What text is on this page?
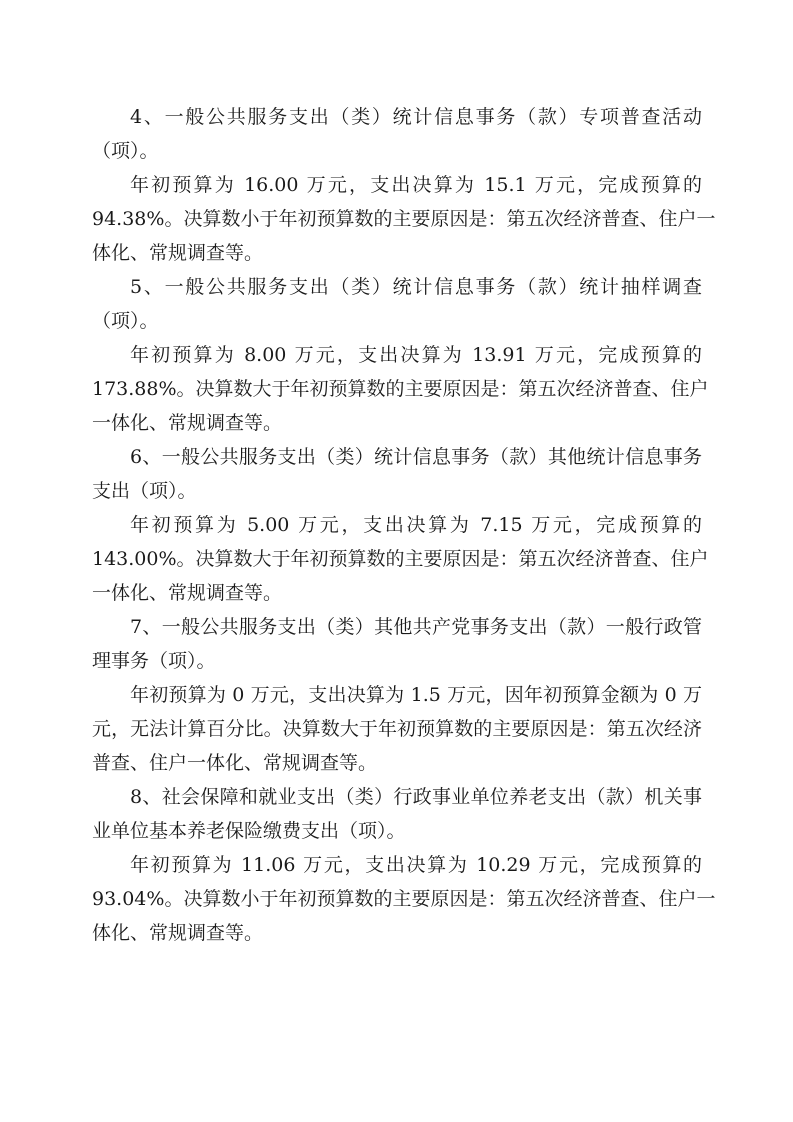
4、一般公共服务支出（类）统计信息事务（款）专项普查活动
（项）。
年初预算为 16.00 万元，支出决算为 15.1 万元，完成预算的
94.38%。决算数小于年初预算数的主要原因是：第五次经济普查、住户一
体化、常规调查等。
5、一般公共服务支出（类）统计信息事务（款）统计抽样调查
（项）。
年初预算为 8.00 万元，支出决算为 13.91 万元，完成预算的
173.88%。决算数大于年初预算数的主要原因是：第五次经济普查、住户
一体化、常规调查等。
6、一般公共服务支出（类）统计信息事务（款）其他统计信息事务
支出（项）。
年初预算为 5.00 万元，支出决算为 7.15 万元，完成预算的
143.00%。决算数大于年初预算数的主要原因是：第五次经济普查、住户
一体化、常规调查等。
7、一般公共服务支出（类）其他共产党事务支出（款）一般行政管
理事务（项）。
年初预算为 0 万元，支出决算为 1.5 万元，因年初预算金额为 0 万
元，无法计算百分比。决算数大于年初预算数的主要原因是：第五次经济
普查、住户一体化、常规调查等。
8、社会保障和就业支出（类）行政事业单位养老支出（款）机关事
业单位基本养老保险缴费支出（项）。
年初预算为 11.06 万元，支出决算为 10.29 万元，完成预算的
93.04%。决算数小于年初预算数的主要原因是：第五次经济普查、住户一
体化、常规调查等。
